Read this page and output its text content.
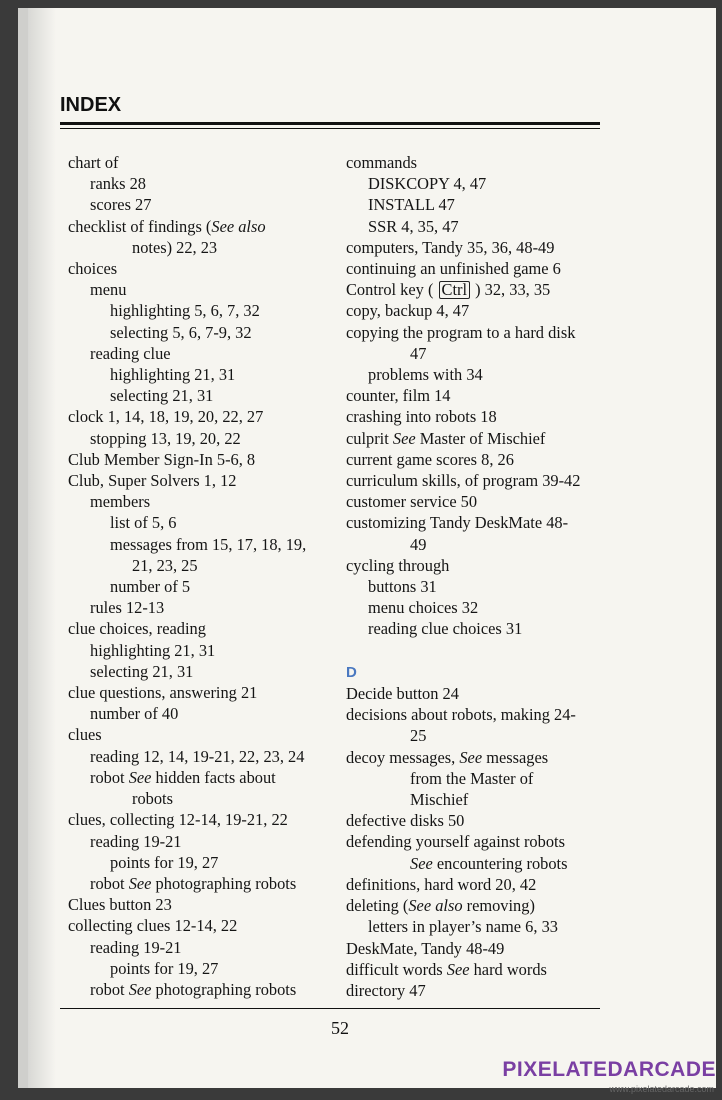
INDEX
chart of
ranks 28
scores 27
checklist of findings (See also
notes) 22, 23
choices
menu
highlighting 5, 6, 7, 32
selecting 5, 6, 7-9, 32
reading clue
highlighting 21, 31
selecting 21, 31
clock 1, 14, 18, 19, 20, 22, 27
stopping 13, 19, 20, 22
Club Member Sign-In 5-6, 8
Club, Super Solvers 1, 12
members
list of 5, 6
messages from 15, 17, 18, 19,
21, 23, 25
number of 5
rules 12-13
clue choices, reading
highlighting 21, 31
selecting 21, 31
clue questions, answering 21
number of 40
clues
reading 12, 14, 19-21, 22, 23, 24
robot See hidden facts about
robots
clues, collecting 12-14, 19-21, 22
reading 19-21
points for 19, 27
robot See photographing robots
Clues button 23
collecting clues 12-14, 22
reading 19-21
points for 19, 27
robot See photographing robots
commands
DISKCOPY 4, 47
INSTALL 47
SSR 4, 35, 47
computers, Tandy 35, 36, 48-49
continuing an unfinished game 6
Control key ( Ctrl ) 32, 33, 35
copy, backup 4, 47
copying the program to a hard disk
47
problems with 34
counter, film 14
crashing into robots 18
culprit See Master of Mischief
current game scores 8, 26
curriculum skills, of program 39-42
customer service 50
customizing Tandy DeskMate 48-
49
cycling through
buttons 31
menu choices 32
reading clue choices 31
D
Decide button 24
decisions about robots, making 24-
25
decoy messages, See messages
from the Master of
Mischief
defective disks 50
defending yourself against robots
See encountering robots
definitions, hard word 20, 42
deleting (See also removing)
letters in player’s name 6, 33
DeskMate, Tandy 48-49
difficult words See hard words
directory 47
52
PIXELATEDARCADE
www.pixelatedarcade.com
